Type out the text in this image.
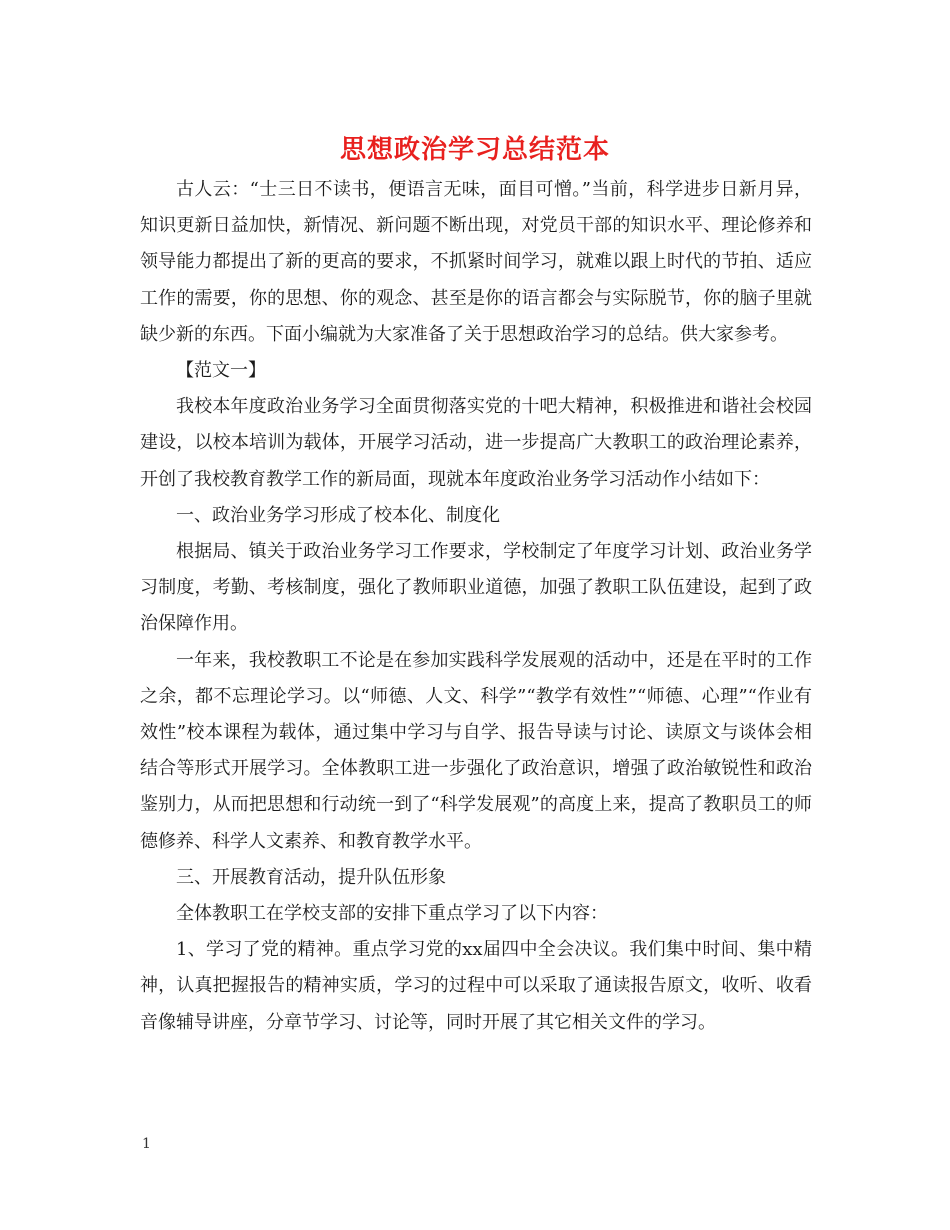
思想政治学习总结范本

古人云：“士三日不读书，便语言无味，面目可憎。”当前，科学进步日新月异，知识更新日益加快，新情况、新问题不断出现，对党员干部的知识水平、理论修养和领导能力都提出了新的更高的要求，不抓紧时间学习，就难以跟上时代的节拍、适应工作的需要，你的思想、你的观念、甚至是你的语言都会与实际脱节，你的脑子里就缺少新的东西。下面小编就为大家准备了关于思想政治学习的总结。供大家参考。

【范文一】

我校本年度政治业务学习全面贯彻落实党的十吧大精神，积极推进和谐社会校园建设，以校本培训为载体，开展学习活动，进一步提高广大教职工的政治理论素养，开创了我校教育教学工作的新局面，现就本年度政治业务学习活动作小结如下：

一、政治业务学习形成了校本化、制度化

根据局、镇关于政治业务学习工作要求，学校制定了年度学习计划、政治业务学习制度，考勤、考核制度，强化了教师职业道德，加强了教职工队伍建设，起到了政治保障作用。

一年来，我校教职工不论是在参加实践科学发展观的活动中，还是在平时的工作之余，都不忘理论学习。以“师德、人文、科学”“教学有效性”“师德、心理”“作业有效性”校本课程为载体，通过集中学习与自学、报告导读与讨论、读原文与谈体会相结合等形式开展学习。全体教职工进一步强化了政治意识，增强了政治敏锐性和政治鉴别力，从而把思想和行动统一到了“科学发展观”的高度上来，提高了教职员工的师德修养、科学人文素养、和教育教学水平。

三、开展教育活动，提升队伍形象

全体教职工在学校支部的安排下重点学习了以下内容：

1、学习了党的精神。重点学习党的xx届四中全会决议。我们集中时间、集中精神，认真把握报告的精神实质，学习的过程中可以采取了通读报告原文，收听、收看音像辅导讲座，分章节学习、讨论等，同时开展了其它相关文件的学习。

1
